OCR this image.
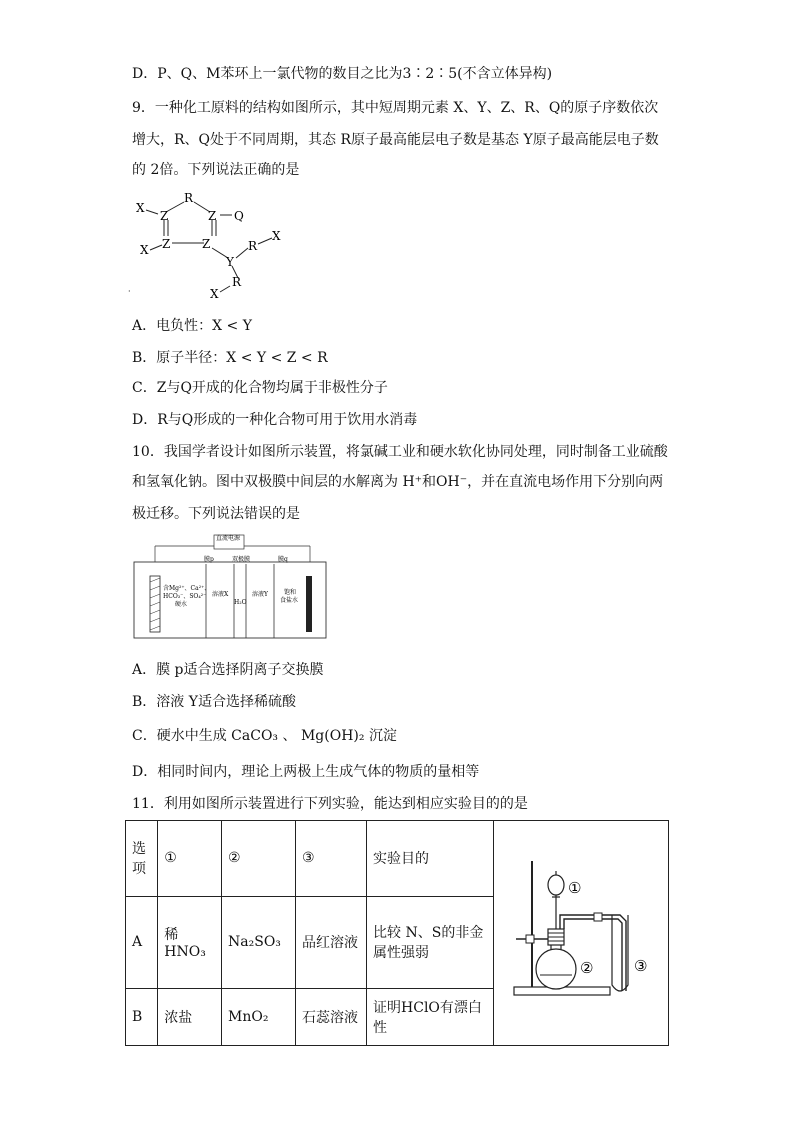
D．P、Q、M苯环上一氯代物的数目之比为3∶2∶5(不含立体异构)
9．一种化工原料的结构如图所示，其中短周期元素 X、Y、Z、R、Q的原子序数依次
增大，R、Q处于不同周期，其态 R原子最高能层电子数是基态 Y原子最高能层电子数
的 2倍。下列说法正确的是
X
R
Z	Z Q
X Z	Z
Y
R
X
R
X
·
A．电负性：X < Y
B．原子半径：X < Y < Z < R
C．Z与Q开成的化合物均属于非极性分子
D．R与Q形成的一种化合物可用于饮用水消毒
10．我国学者设计如图所示装置，将氯碱工业和硬水软化协同处理，同时制备工业硫酸
和氢氧化钠。图中双极膜中间层的水解离为 H⁺和OH⁻，并在直流电场作用下分别向两
极迁移。下列说法错误的是
直流电源
膜p	双极膜	膜q
含Mg²⁺、Ca²⁺、
HCO₃⁻、SO₄²⁻
硬水
溶液X
H₂O
溶液Y	饱和
食盐水
A．膜 p适合选择阴离子交换膜
B．溶液 Y适合选择稀硫酸
C．硬水中生成 CaCO₃ 、 Mg(OH)₂ 沉淀
D．相同时间内，理论上两极上生成气体的物质的量相等
11．利用如图所示装置进行下列实验，能达到相应实验目的的是
选项	①	②	③	实验目的	①
② ③

A	稀HNO₃	Na₂SO₃	品红溶液	比较 N、S的非金属性强弱	
B	浓盐	MnO₂	石蕊溶液	证明HClO有漂白性	
